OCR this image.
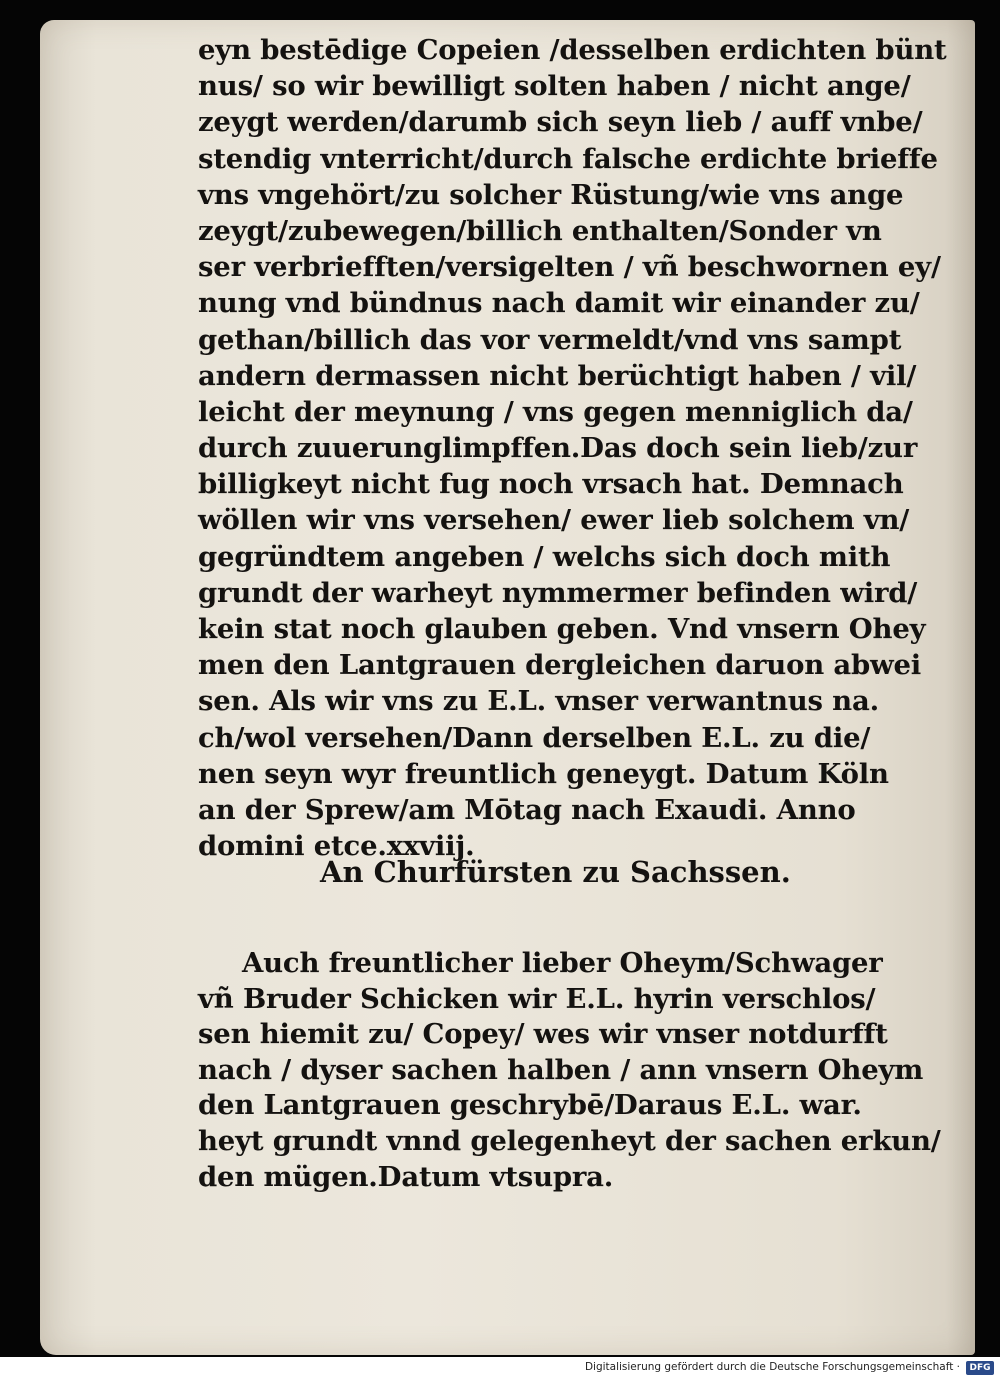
eyn bestēdige Copeien /desselben erdichten bünt
nus/ so wir bewilligt solten haben / nicht ange/
zeygt werden/darumb sich seyn lieb / auff vnbe/
stendig vnterricht/durch falsche erdichte brieffe
vns vngehört/zu solcher Rüstung/wie vns ange
zeygt/zubewegen/billich enthalten/Sonder vn
ser verbriefften/versigelten / vñ beschwornen ey/
nung vnd bündnus nach damit wir einander zu/
gethan/billich das vor vermeldt/vnd vns sampt
andern dermassen nicht berüchtigt haben / vil/
leicht der meynung / vns gegen menniglich da/
durch zuuerunglimpffen.Das doch sein lieb/zur
billigkeyt nicht fug noch vrsach hat. Demnach
wöllen wir vns versehen/ ewer lieb solchem vn/
gegründtem angeben / welchs sich doch mith
grundt der warheyt nymmermer befinden wird/
kein stat noch glauben geben. Vnd vnsern Ohey
men den Lantgrauen dergleichen daruon abwei
sen. Als wir vns zu E.L. vnser verwantnus na.
ch/wol versehen/Dann derselben E.L. zu die/
nen seyn wyr freuntlich geneygt. Datum Köln
an der Sprew/am Mōtag nach Exaudi. Anno
domini etce.xxviij.
An Churfürsten zu Sachssen.
Auch freuntlicher lieber Oheym/Schwager
vñ Bruder Schicken wir E.L. hyrin verschlos/
sen hiemit zu/ Copey/ wes wir vnser notdurfft
nach / dyser sachen halben / ann vnsern Oheym
den Lantgrauen geschrybē/Daraus E.L. war.
heyt grundt vnnd gelegenheyt der sachen erkun/
den mügen.Datum vtsupra.
Digitalisierung gefördert durch die Deutsche Forschungsgemeinschaft ·	DFG
